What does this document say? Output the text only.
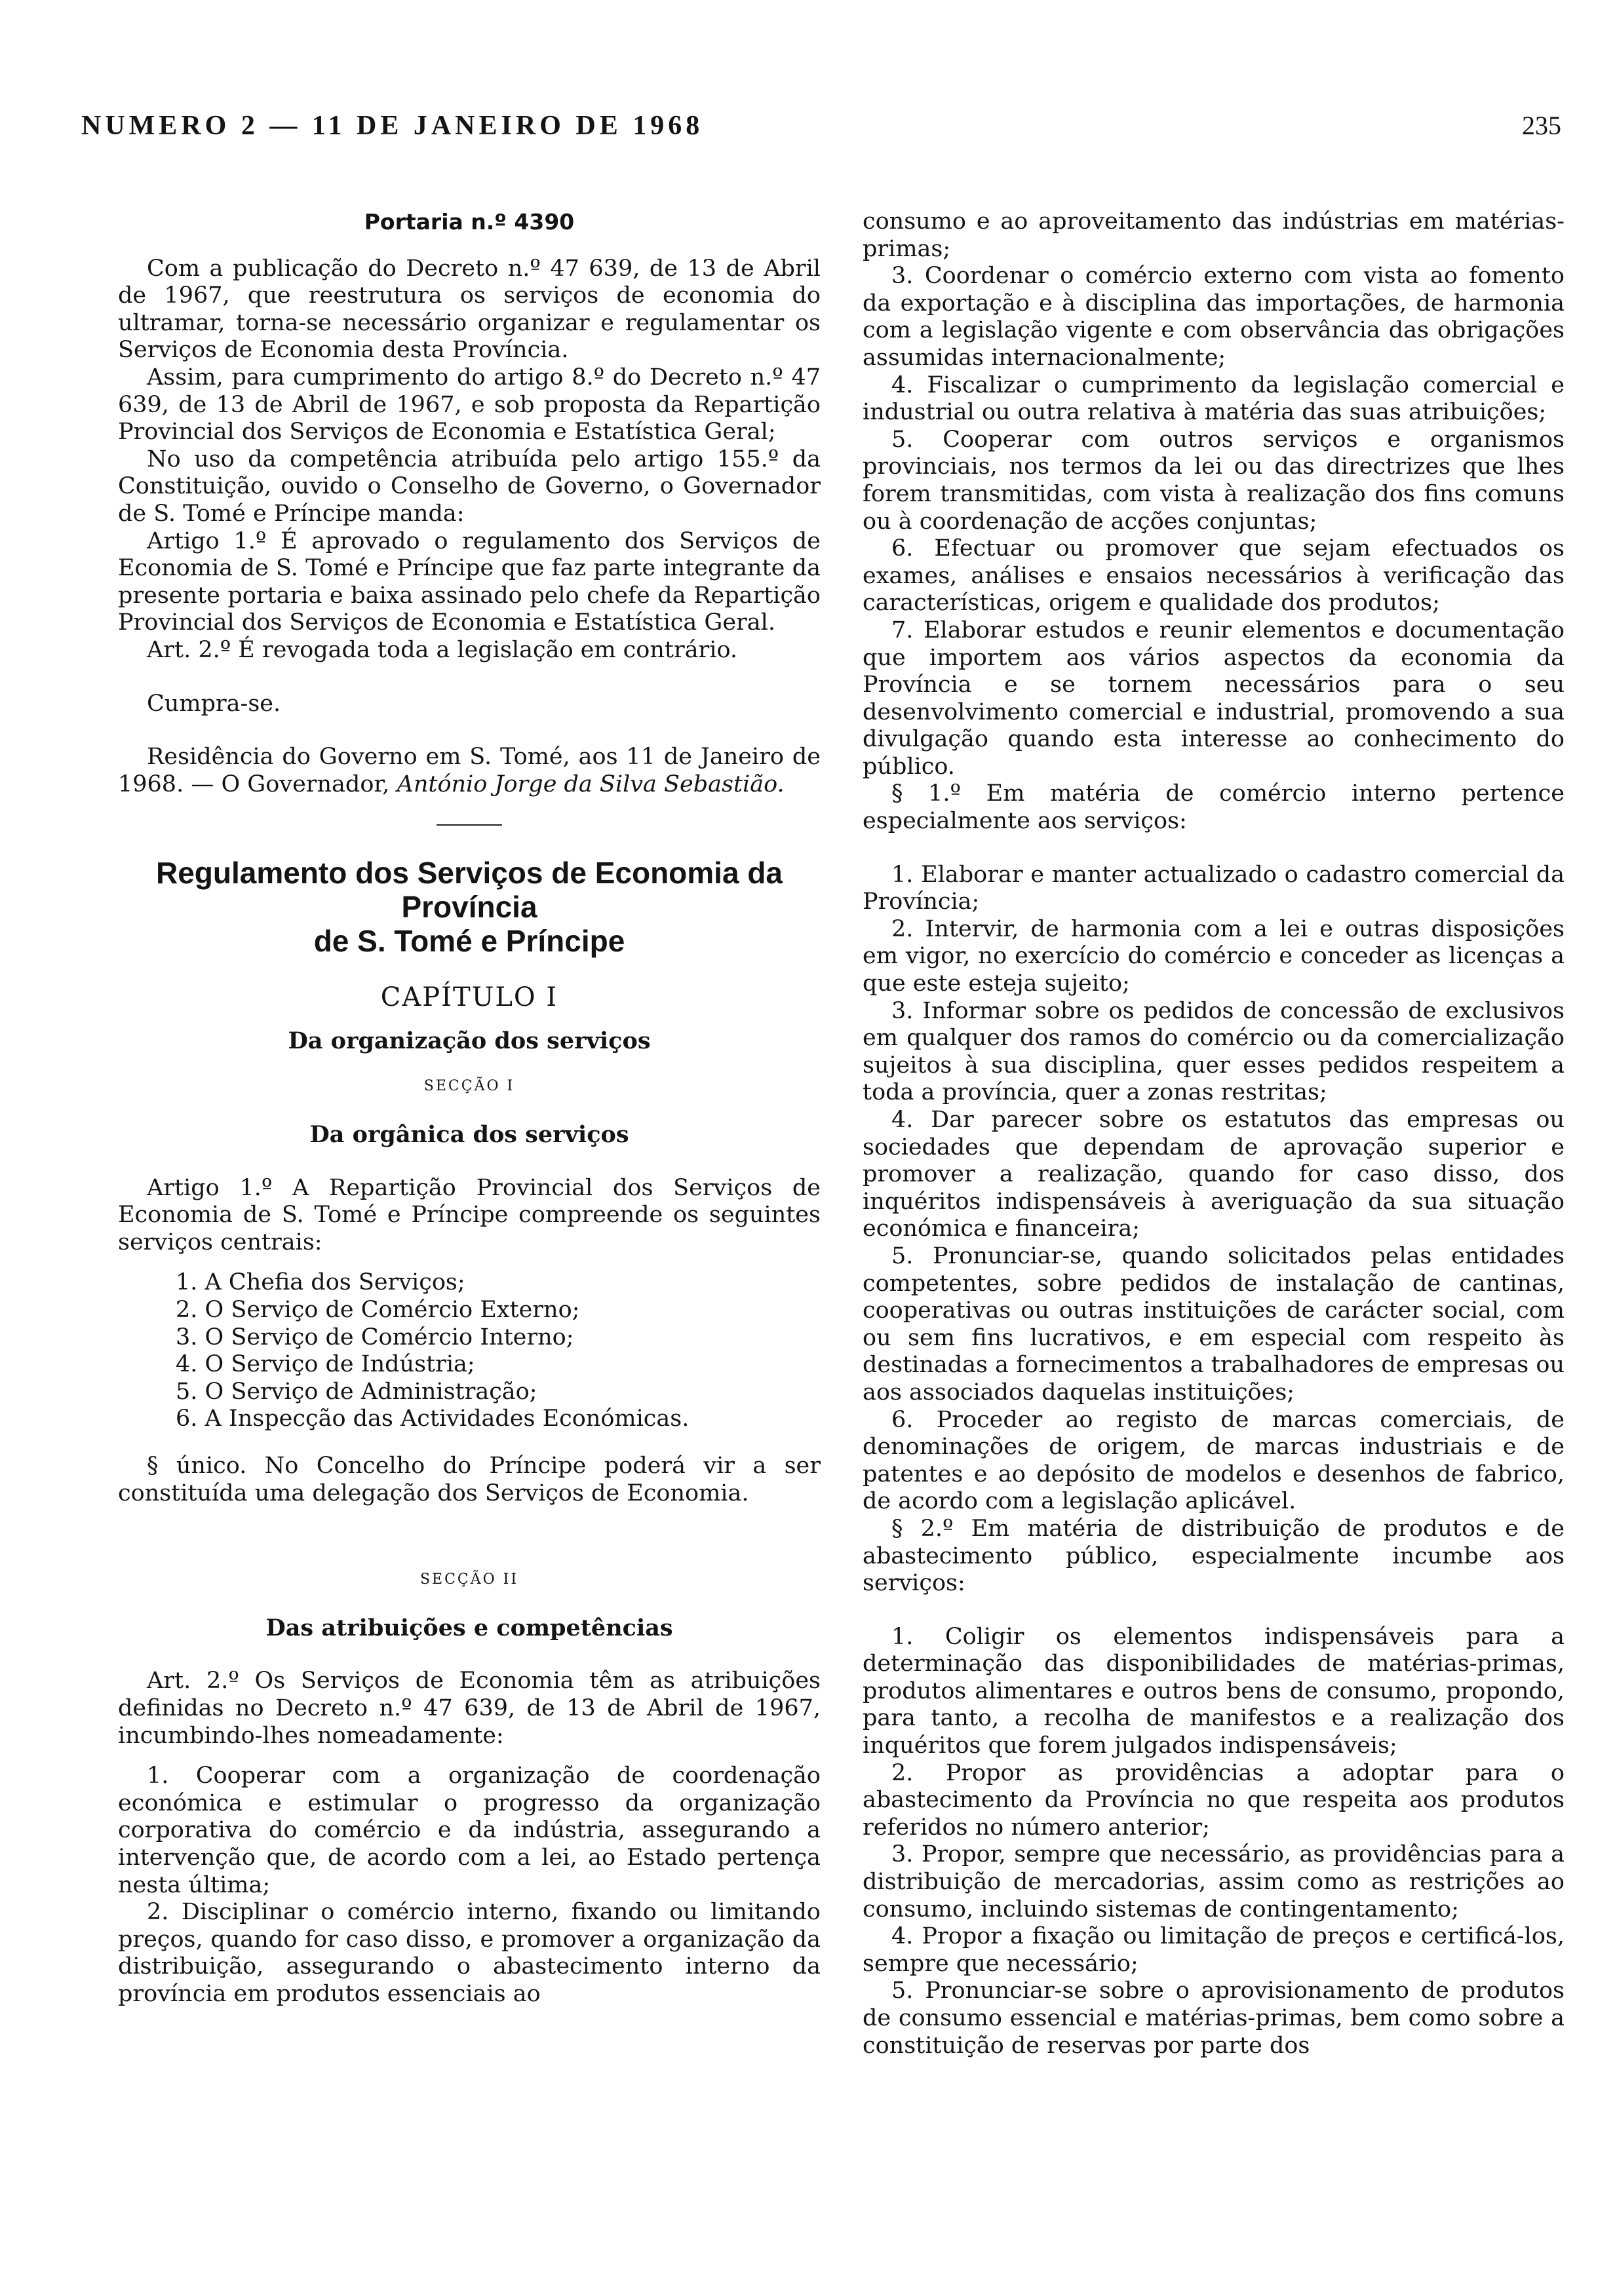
NUMERO 2 — 11 DE JANEIRO DE 1968	235
Portaria n.º 4390

Com a publicação do Decreto n.º 47 639, de 13 de Abril de 1967, que reestrutura os serviços de economia do ultramar, torna-se necessário organizar e regulamentar os Serviços de Economia desta Província.

Assim, para cumprimento do artigo 8.º do Decreto n.º 47 639, de 13 de Abril de 1967, e sob proposta da Repartição Provincial dos Serviços de Economia e Estatística Geral;

No uso da competência atribuída pelo artigo 155.º da Constituição, ouvido o Conselho de Governo, o Governador de S. Tomé e Príncipe manda:

Artigo 1.º É aprovado o regulamento dos Serviços de Economia de S. Tomé e Príncipe que faz parte integrante da presente portaria e baixa assinado pelo chefe da Repartição Provincial dos Serviços de Economia e Estatística Geral.

Art. 2.º É revogada toda a legislação em contrário.

Cumpra-se.

Residência do Governo em S. Tomé, aos 11 de Janeiro de 1968. — O Governador, António Jorge da Silva Sebastião.

Regulamento dos Serviços de Economia da Província
de S. Tomé e Príncipe
CAPÍTULO I
Da organização dos serviços
SECÇÃO I
Da orgânica dos serviços

Artigo 1.º A Repartição Provincial dos Serviços de Economia de S. Tomé e Príncipe compreende os seguintes serviços centrais:

1. A Chefia dos Serviços;
2. O Serviço de Comércio Externo;
3. O Serviço de Comércio Interno;
4. O Serviço de Indústria;
5. O Serviço de Administração;
6. A Inspecção das Actividades Económicas.

§ único. No Concelho do Príncipe poderá vir a ser constituída uma delegação dos Serviços de Economia.

SECÇÃO II
Das atribuições e competências

Art. 2.º Os Serviços de Economia têm as atribuições definidas no Decreto n.º 47 639, de 13 de Abril de 1967, incumbindo-lhes nomeadamente:

1. Cooperar com a organização de coordenação económica e estimular o progresso da organização corporativa do comércio e da indústria, assegurando a intervenção que, de acordo com a lei, ao Estado pertença nesta última;

2. Disciplinar o comércio interno, fixando ou limitando preços, quando for caso disso, e promover a organização da distribuição, assegurando o abastecimento interno da província em produtos essenciais ao

consumo e ao aproveitamento das indústrias em matérias-primas;

3. Coordenar o comércio externo com vista ao fomento da exportação e à disciplina das importações, de harmonia com a legislação vigente e com observância das obrigações assumidas internacionalmente;

4. Fiscalizar o cumprimento da legislação comercial e industrial ou outra relativa à matéria das suas atribuições;

5. Cooperar com outros serviços e organismos provinciais, nos termos da lei ou das directrizes que lhes forem transmitidas, com vista à realização dos fins comuns ou à coordenação de acções conjuntas;

6. Efectuar ou promover que sejam efectuados os exames, análises e ensaios necessários à verificação das características, origem e qualidade dos produtos;

7. Elaborar estudos e reunir elementos e documentação que importem aos vários aspectos da economia da Província e se tornem necessários para o seu desenvolvimento comercial e industrial, promovendo a sua divulgação quando esta interesse ao conhecimento do público.

§ 1.º Em matéria de comércio interno pertence especialmente aos serviços:

1. Elaborar e manter actualizado o cadastro comercial da Província;

2. Intervir, de harmonia com a lei e outras disposições em vigor, no exercício do comércio e conceder as licenças a que este esteja sujeito;

3. Informar sobre os pedidos de concessão de exclusivos em qualquer dos ramos do comércio ou da comercialização sujeitos à sua disciplina, quer esses pedidos respeitem a toda a província, quer a zonas restritas;

4. Dar parecer sobre os estatutos das empresas ou sociedades que dependam de aprovação superior e promover a realização, quando for caso disso, dos inquéritos indispensáveis à averiguação da sua situação económica e financeira;

5. Pronunciar-se, quando solicitados pelas entidades competentes, sobre pedidos de instalação de cantinas, cooperativas ou outras instituições de carácter social, com ou sem fins lucrativos, e em especial com respeito às destinadas a fornecimentos a trabalhadores de empresas ou aos associados daquelas instituições;

6. Proceder ao registo de marcas comerciais, de denominações de origem, de marcas industriais e de patentes e ao depósito de modelos e desenhos de fabrico, de acordo com a legislação aplicável.

§ 2.º Em matéria de distribuição de produtos e de abastecimento público, especialmente incumbe aos serviços:

1. Coligir os elementos indispensáveis para a determinação das disponibilidades de matérias-primas, produtos alimentares e outros bens de consumo, propondo, para tanto, a recolha de manifestos e a realização dos inquéritos que forem julgados indispensáveis;

2. Propor as providências a adoptar para o abastecimento da Província no que respeita aos produtos referidos no número anterior;

3. Propor, sempre que necessário, as providências para a distribuição de mercadorias, assim como as restrições ao consumo, incluindo sistemas de contingentamento;

4. Propor a fixação ou limitação de preços e certificá-los, sempre que necessário;

5. Pronunciar-se sobre o aprovisionamento de produtos de consumo essencial e matérias-primas, bem como sobre a constituição de reservas por parte dos
